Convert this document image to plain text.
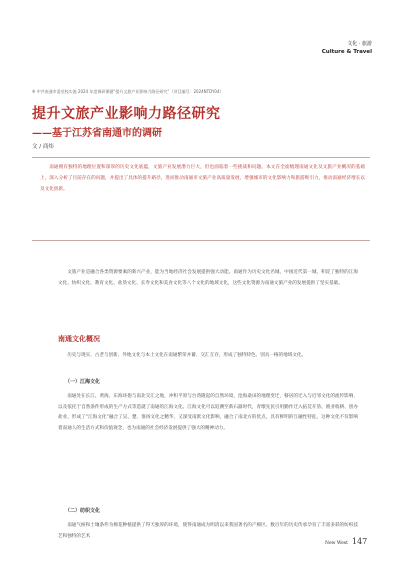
文化 · 旅游
Culture & Travel
※ 中共南通市委党校实施 2024 年度调研课题“提升文旅产业影响力路径研究”（项目编号：2024NTDY04）
提升文旅产业影响力路径研究
——基于江苏省南通市的调研
文 / 商炜

南通拥有独特的地理位置和深厚的历史文化底蕴，文旅产业发展潜力巨大，但也面临着一些挑战和问题。本文在全面梳理南通文化及文旅产业概况的基础上，深入分析了目前存在的问题，并提出了具体的提升路径，进而推动南通市文旅产业高质量发展，增强城市的文化影响力和旅游吸引力，推动南通经济增长以及文化创新。

文旅产业是融合各类资源要素的新兴产业，能为当地经济社会发展提供强大动能。南通作为历史文化名城，中国近代第一城，积淀了独特的江海文化、纺织文化、教育文化、盐垦文化、长寿文化和美食文化等八个文化的地域文化，这些文化资源为南通文旅产业的发展提供了坚实基础。

南通文化概况

历史与现实、古老与创新、外地文化与本土文化在南通繁荣并蓄、交汇互存，形成了独特特色、别具一格的地域文化。

（一）江海文化

南通处在长江、黄海、东海环抱与南北交汇之地，冲积平原与台湾隆起的自然环境，沧海桑田的地理变迁，移居的迁入与近邻文化的流传影响，以及依托于自然条件形成的生产方式等造就了南通的江海文化。江海文化可以追溯至新石器时代，青墩先民引用勤作迁入拓荒开垦、渔业收耕、创办盐业，形成了“江海文化”融合了吴、楚、淮扬文化之精华，又深受南派文化影响，融合了南北方的优点，具有鲜明的互融性特征。这种文化不仅影响着南通人的生活方式和价值观念，也为南通的社会经济发展提供了强大的精神动力。

（二）纺织文化

南通气候和土壤条件为棉花种植提供了得天独厚的环境，使得南通成为明清以来我国著名的产棉区。数百年的历史传承孕育了丰富多彩的纺织技艺和独特的艺术

New West 147
